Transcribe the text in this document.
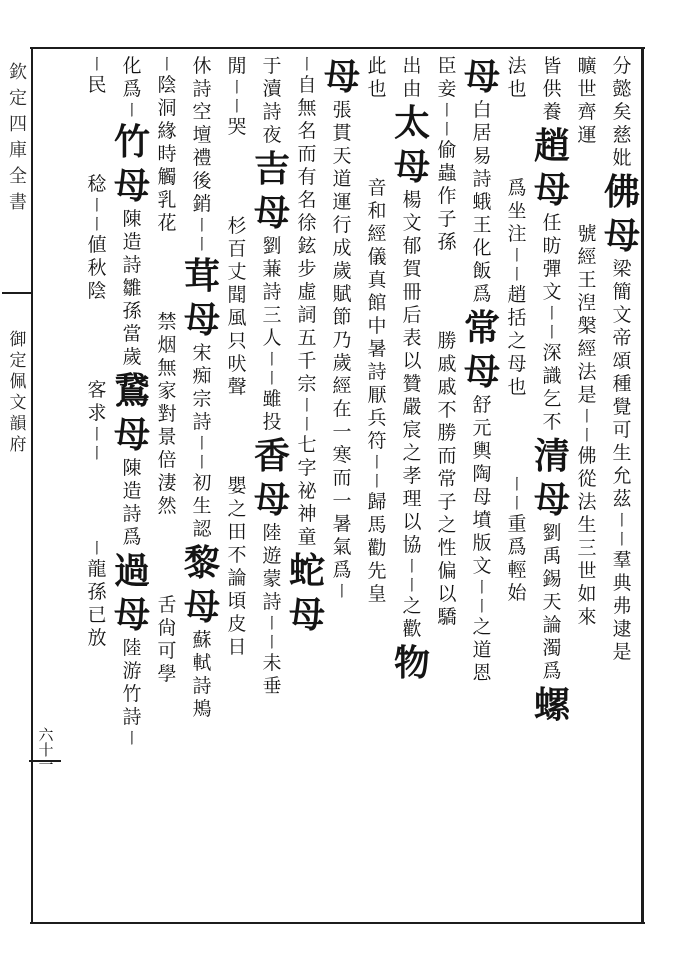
欽
定
四
庫
全
書
御
定
佩
文
韻
府
六
十
一
分
懿
矣
慈
妣
佛
母
梁
簡
文
帝
頌
種
覺
可
生
允
茲
丨
丨
羣
典
弗
逮
是
曠
世
齊
運
號
經
王
湼
槃
經
法
是
丨
丨
佛
從
法
生
三
世
如
來
皆
供
養
趙
母
任
昉
彈
文
丨
丨
深
識
乞
不
清
母
劉
禹
錫
天
論
濁
爲
螺
法
也
爲
坐
注
丨
丨
趙
括
之
母
也
丨
丨
重
爲
輕
始
母
白
居
易
詩
蛾
王
化
飯
爲
常
母
舒
元
輿
陶
母
墳
版
文
丨
丨
之
道
恩
臣
妾
丨
丨
偷
蟲
作
子
孫
勝
戚
戚
不
勝
而
常
子
之
性
偏
以
驕
出
由
太
母
楊
文
郁
賀
冊
后
表
以
贊
嚴
宸
之
孝
理
以
協
丨
丨
之
歡
物
此
也
音
和
經
儀
真
館
中
暑
詩
厭
兵
符
丨
丨
歸
馬
勸
先
皇
母
張
貫
天
道
運
行
成
歲
賦
節
乃
歲
經
在
一
寒
而
一
暑
氣
爲
丨
丨
自
無
名
而
有
名
徐
鉉
步
虛
詞
五
千
宗
丨
丨
七
字
祕
神
童
蛇
母
于
瀆
詩
夜
吉
母
劉
蒹
詩
三
人
丨
丨
雖
投
香
母
陸
遊
蒙
詩
丨
丨
未
垂
閒
丨
丨
哭
杉
百
丈
聞
風
只
吠
聲
嬰
之
田
不
論
頃
皮
日
休
詩
空
壇
禮
後
銷
丨
丨
茸
母
宋
痴
宗
詩
丨
丨
初
生
認
黎
母
蘇
軾
詩
鴂
丨
陰
洞
緣
時
觸
乳
花
禁
烟
無
家
對
景
倍
淒
然
舌
尙
可
學
化
爲
丨
竹
母
陳
造
詩
雛
孫
當
歲
鵞
母
陳
造
詩
爲
過
母
陸
游
竹
詩
丨
丨
民
稔
丨
丨
値
秋
陰
客
求
丨
丨
丨
龍
孫
已
放
